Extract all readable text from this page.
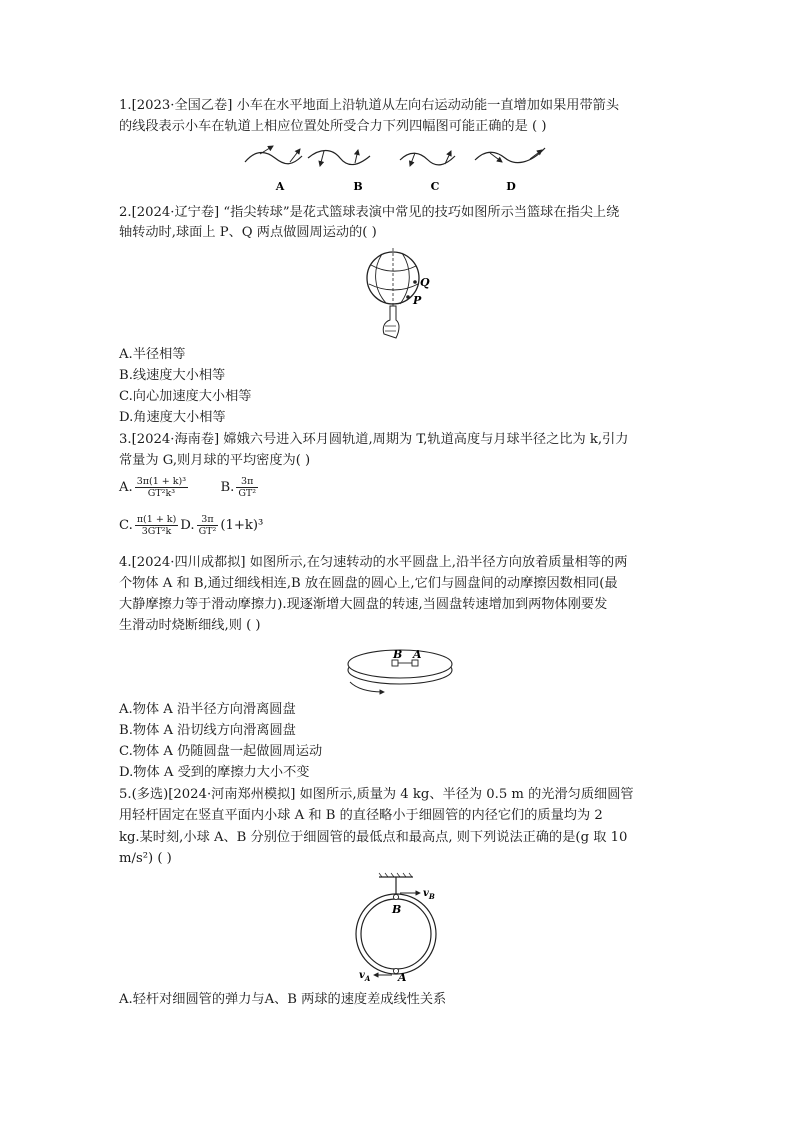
1.[2023·全国乙卷] 小车在水平地面上沿轨道从左向右运动动能一直增加如果用带箭头
的线段表示小车在轨道上相应位置处所受合力下列四幅图可能正确的是 ( )
A	B	C	D
2.[2024·辽宁卷] “指尖转球”是花式篮球表演中常见的技巧如图所示当篮球在指尖上绕
轴转动时,球面上 P、Q 两点做圆周运动的( )
Q
P
A.半径相等
B.线速度大小相等
C.向心加速度大小相等
D.角速度大小相等
3.[2024·海南卷] 嫦娥六号进入环月圆轨道,周期为 T,轨道高度与月球半径之比为 k,引力
常量为 G,则月球的平均密度为( )
A. $\frac{\text{3π(1 + k)³}}{\text{GT²k³}} B$. $\frac{3\pi}{\text{GT²}}$
C. $\frac{\pi(1 + k)}{\text{3GT²k}} D$. $\frac{3\pi}{\text{GT²}} (1+k)^3$
4.[2024·四川成都拟] 如图所示,在匀速转动的水平圆盘上,沿半径方向放着质量相等的两
个物体 A 和 B,通过细线相连,B 放在圆盘的圆心上,它们与圆盘间的动摩擦因数相同(最
大静摩擦力等于滑动摩擦力).现逐渐增大圆盘的转速,当圆盘转速增加到两物体刚要发
生滑动时烧断细线,则 ( )
B A
A.物体 A 沿半径方向滑离圆盘
B.物体 A 沿切线方向滑离圆盘
C.物体 A 仍随圆盘一起做圆周运动
D.物体 A 受到的摩擦力大小不变
5.(多选)[2024·河南郑州模拟] 如图所示,质量为 4 kg、半径为 0.5 m 的光滑匀质细圆管
用轻杆固定在竖直平面内小球 A 和 B 的直径略小于细圆管的内径它们的质量均为 2
kg.某时刻,小球 A、B 分别位于细圆管的最低点和最高点, 则下列说法正确的是(g 取 10
m/s²) ( )
$v_B$
B
$v_A$	A
A.轻杆对细圆管的弹力与A、B 两球的速度差成线性关系
